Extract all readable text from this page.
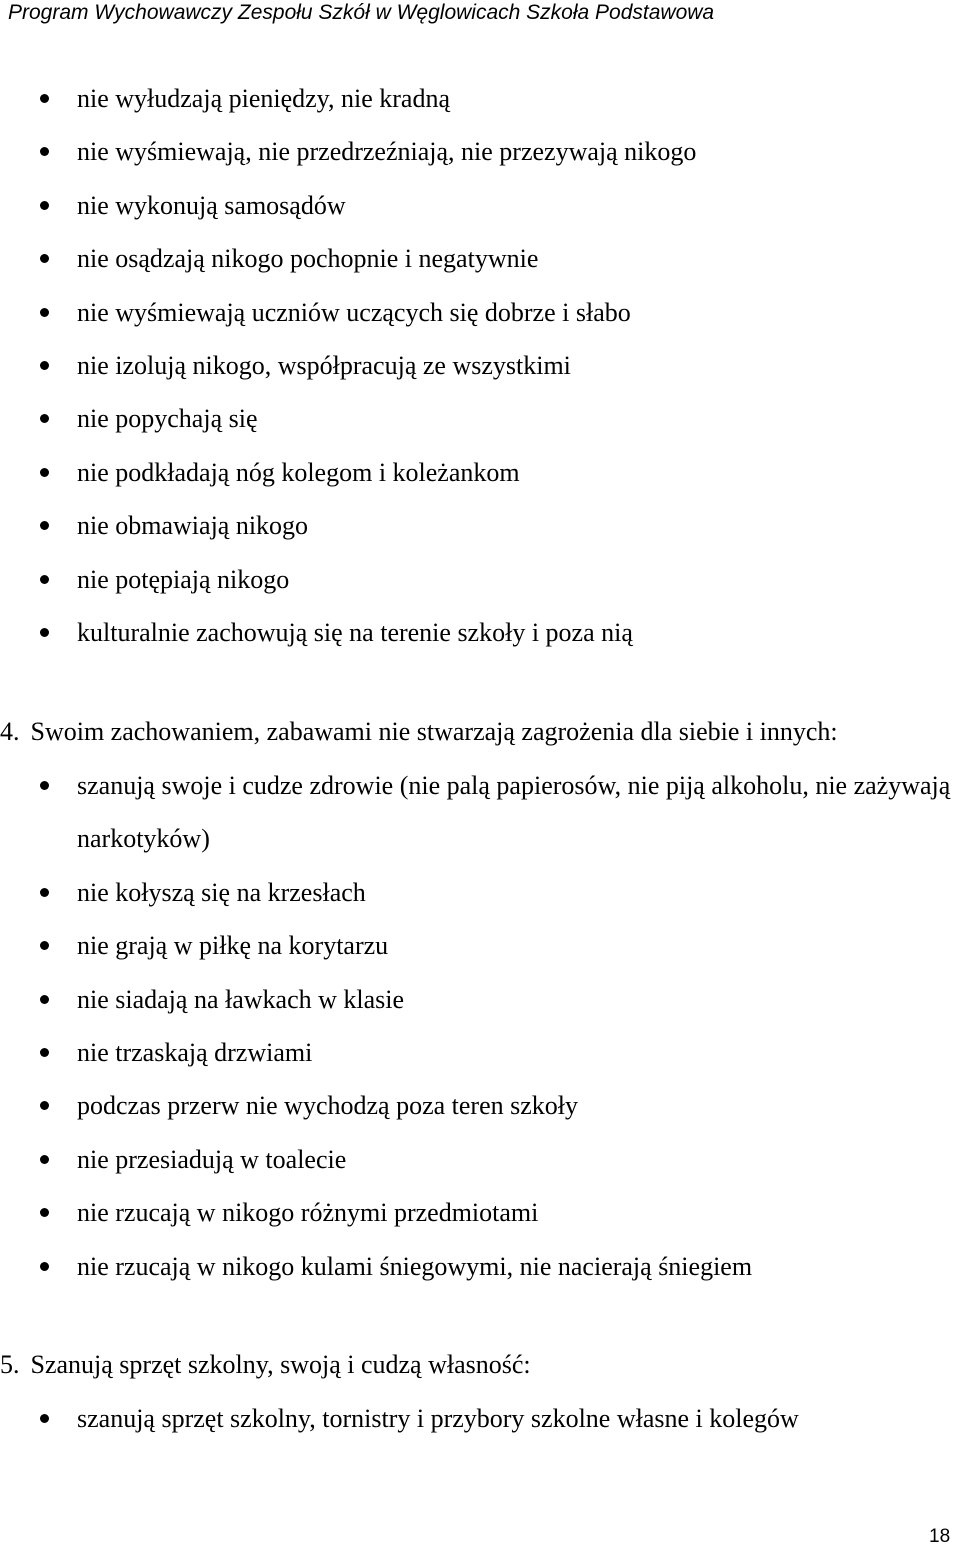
Program Wychowawczy Zespołu Szkół w Węglowicach Szkoła Podstawowa
nie wyłudzają pieniędzy, nie kradną
nie wyśmiewają, nie przedrzeźniają, nie przezywają nikogo
nie wykonują samosądów
nie osądzają nikogo pochopnie i negatywnie
nie wyśmiewają uczniów uczących się dobrze i słabo
nie izolują nikogo, współpracują ze wszystkimi
nie popychają się
nie podkładają nóg kolegom i koleżankom
nie obmawiają nikogo
nie potępiają nikogo
kulturalnie zachowują się na terenie szkoły i poza nią
4. Swoim zachowaniem, zabawami nie stwarzają zagrożenia dla siebie i innych:
szanują swoje i cudze zdrowie (nie palą papierosów, nie piją alkoholu, nie zażywają narkotyków)
nie kołyszą się na krzesłach
nie grają w piłkę na korytarzu
nie siadają na ławkach w klasie
nie trzaskają drzwiami
podczas przerw nie wychodzą poza teren szkoły
nie przesiadują w toalecie
nie rzucają w nikogo różnymi przedmiotami
nie rzucają w nikogo kulami śniegowymi, nie nacierają śniegiem
5. Szanują sprzęt szkolny, swoją i cudzą własność:
szanują sprzęt szkolny, tornistry i przybory szkolne własne i kolegów
18
